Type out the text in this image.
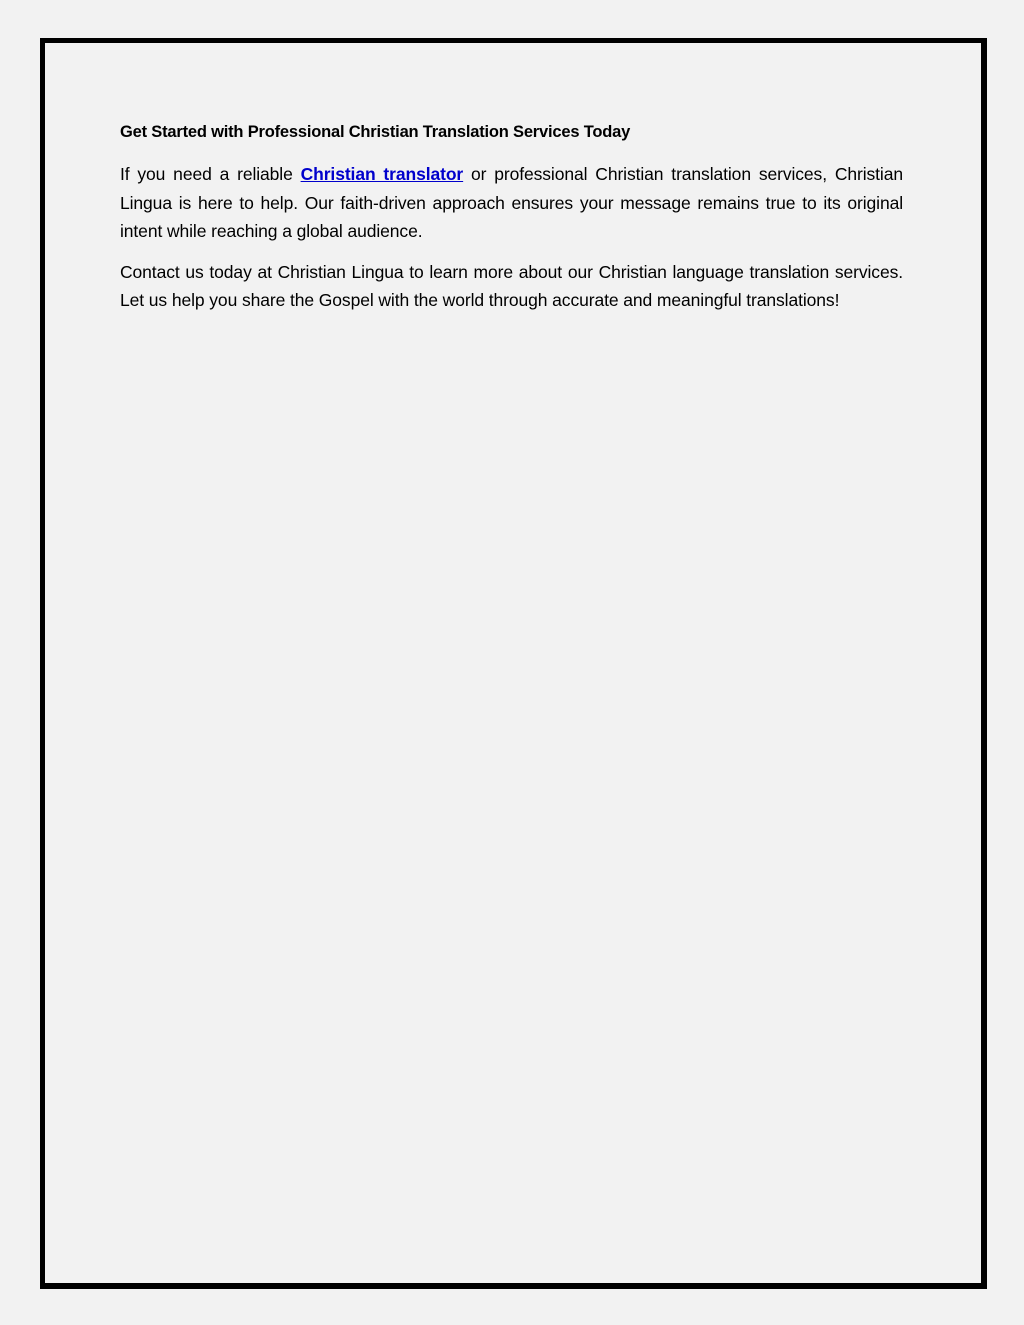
Get Started with Professional Christian Translation Services Today

If you need a reliable Christian translator or professional Christian translation services, Christian Lingua is here to help. Our faith-driven approach ensures your message remains true to its original intent while reaching a global audience.

Contact us today at Christian Lingua to learn more about our Christian language translation services. Let us help you share the Gospel with the world through accurate and meaningful translations!
